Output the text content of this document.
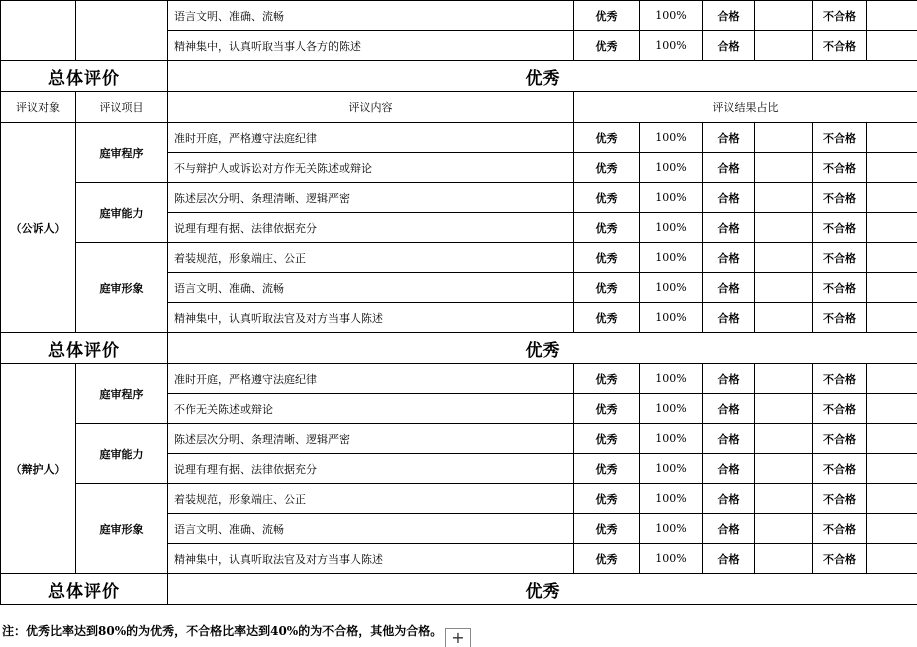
		语言文明、准确、流畅	优秀	100%	合格		不合格	
		精神集中，认真听取当事人各方的陈述	优秀	100%	合格		不合格	
总体评价		优秀						
评议对象	评议项目	评议内容	评议结果占比					
（公诉人）	庭审程序	准时开庭，严格遵守法庭纪律	优秀	100%	合格		不合格	
		不与辩护人或诉讼对方作无关陈述或辩论	优秀	100%	合格		不合格	
	庭审能力	陈述层次分明、条理清晰、逻辑严密	优秀	100%	合格		不合格	
		说理有理有据、法律依据充分	优秀	100%	合格		不合格	
	庭审形象	着装规范，形象端庄、公正	优秀	100%	合格		不合格	
		语言文明、准确、流畅	优秀	100%	合格		不合格	
		精神集中，认真听取法官及对方当事人陈述	优秀	100%	合格		不合格	
总体评价		优秀						
（辩护人）	庭审程序	准时开庭，严格遵守法庭纪律	优秀	100%	合格		不合格	
		不作无关陈述或辩论	优秀	100%	合格		不合格	
	庭审能力	陈述层次分明、条理清晰、逻辑严密	优秀	100%	合格		不合格	
		说理有理有据、法律依据充分	优秀	100%	合格		不合格	
	庭审形象	着装规范，形象端庄、公正	优秀	100%	合格		不合格	
		语言文明、准确、流畅	优秀	100%	合格		不合格	
		精神集中，认真听取法官及对方当事人陈述	优秀	100%	合格		不合格	
总体评价		优秀						
注：优秀比率达到80%的为优秀，不合格比率达到40%的为不合格，其他为合格。 +
